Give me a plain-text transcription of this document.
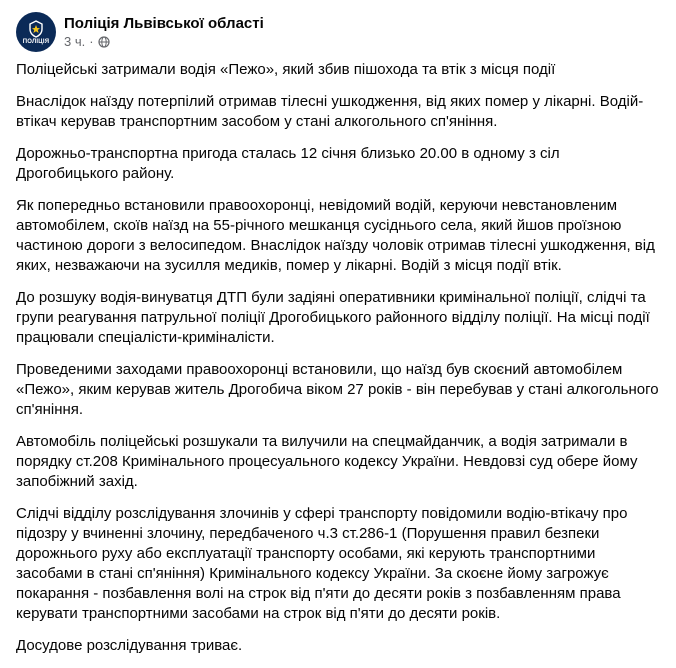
ПОЛІЦІЯ
Поліція Львівської області
3 ч. ·

Поліцейські затримали водія «Пежо», який збив пішохода та втік з місця події

Внаслідок наїзду потерпілий отримав тілесні ушкодження, від яких помер у лікарні. Водій-втікач керував транспортним засобом у стані алкогольного сп'яніння.

Дорожньо-транспортна пригода сталась 12 січня близько 20.00 в одному з сіл Дрогобицького району.

Як попередньо встановили правоохоронці, невідомий водій, керуючи невстановленим автомобілем, скоїв наїзд на 55-річного мешканця сусіднього села, який йшов проїзною частиною дороги з велосипедом. Внаслідок наїзду чоловік отримав тілесні ушкодження, від яких, незважаючи на зусилля медиків, помер у лікарні. Водій з місця події втік.

До розшуку водія-винуватця ДТП були задіяні оперативники кримінальної поліції, слідчі та групи реагування патрульної поліції Дрогобицького районного відділу поліції. На місці події працювали спеціалісти-криміналісти.

Проведеними заходами правоохоронці встановили, що наїзд був скоєний автомобілем «Пежо», яким керував житель Дрогобича віком 27 років - він перебував у стані алкогольного сп'яніння.

Автомобіль поліцейські розшукали та вилучили на спецмайданчик, а водія затримали в порядку ст.208 Кримінального процесуального кодексу України. Невдовзі суд обере йому запобіжний захід.

Слідчі відділу розслідування злочинів у сфері транспорту повідомили водію-втікачу про підозру у вчиненні злочину, передбаченого ч.3 ст.286-1 (Порушення правил безпеки дорожнього руху або експлуатації транспорту особами, які керують транспортними засобами в стані сп'яніння) Кримінального кодексу України. За скоєне йому загрожує покарання - позбавлення волі на строк від п'яти до десяти років з позбавленням права керувати транспортними засобами на строк від п'яти до десяти років.

Досудове розслідування триває.
